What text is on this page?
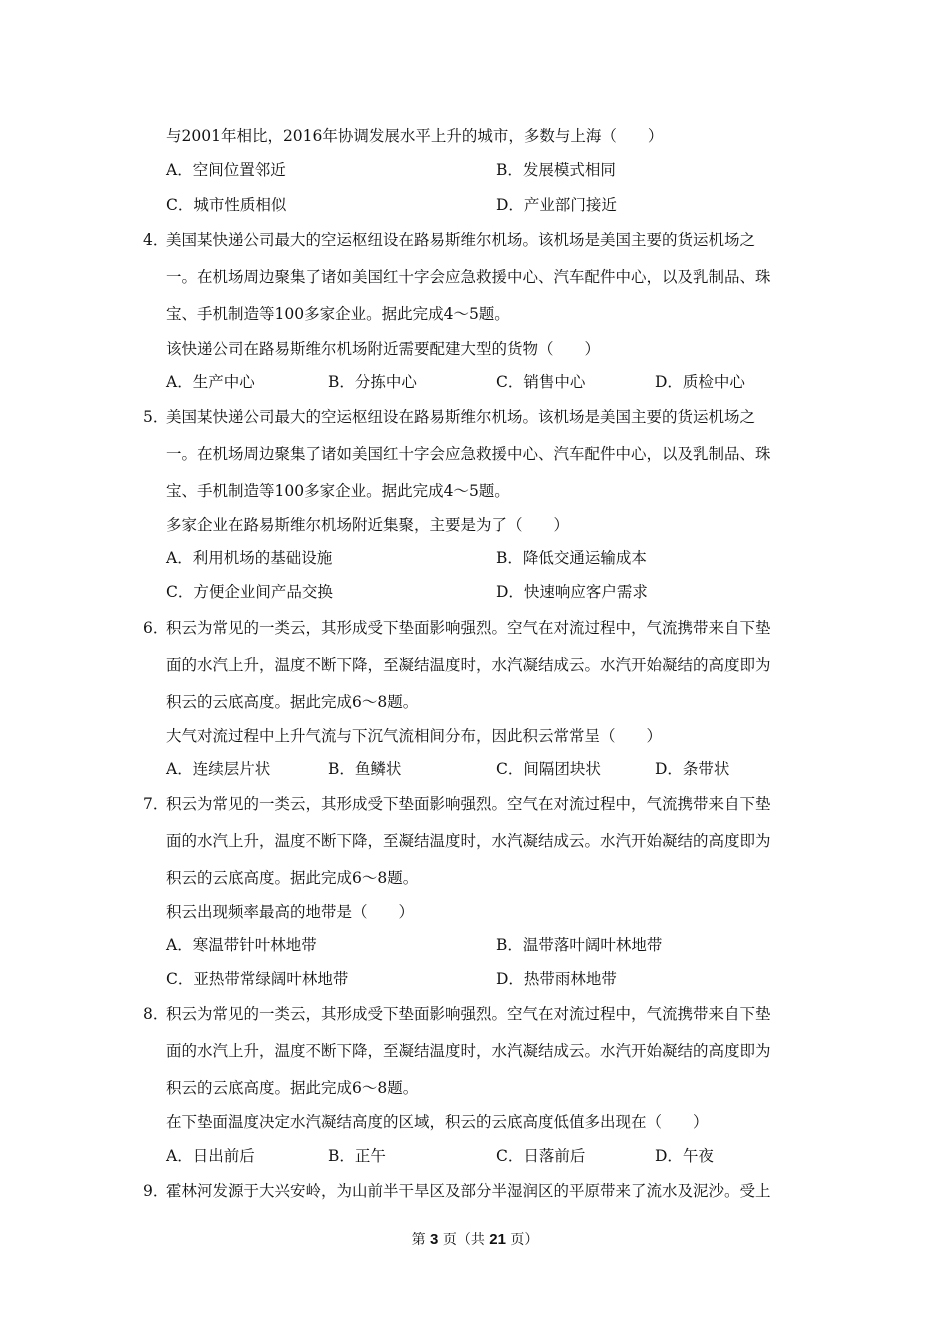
与2001年相比，2016年协调发展水平上升的城市，多数与上海（　　）
A．空间位置邻近	B．发展模式相同
C．城市性质相似	D．产业部门接近
4．
美国某快递公司最大的空运枢纽设在路易斯维尔机场。该机场是美国主要的货运机场之
一。在机场周边聚集了诸如美国红十字会应急救援中心、汽车配件中心，以及乳制品、珠
宝、手机制造等100多家企业。据此完成4～5题。
该快递公司在路易斯维尔机场附近需要配建大型的货物（　　）
A．生产中心	B．分拣中心	C．销售中心	D．质检中心
5．
美国某快递公司最大的空运枢纽设在路易斯维尔机场。该机场是美国主要的货运机场之
一。在机场周边聚集了诸如美国红十字会应急救援中心、汽车配件中心，以及乳制品、珠
宝、手机制造等100多家企业。据此完成4～5题。
多家企业在路易斯维尔机场附近集聚，主要是为了（　　）
A．利用机场的基础设施	B．降低交通运输成本
C．方便企业间产品交换	D．快速响应客户需求
6．
积云为常见的一类云，其形成受下垫面影响强烈。空气在对流过程中，气流携带来自下垫
面的水汽上升，温度不断下降，至凝结温度时，水汽凝结成云。水汽开始凝结的高度即为
积云的云底高度。据此完成6～8题。
大气对流过程中上升气流与下沉气流相间分布，因此积云常常呈（　　）
A．连续层片状	B．鱼鳞状	C．间隔团块状	D．条带状
7．
积云为常见的一类云，其形成受下垫面影响强烈。空气在对流过程中，气流携带来自下垫
面的水汽上升，温度不断下降，至凝结温度时，水汽凝结成云。水汽开始凝结的高度即为
积云的云底高度。据此完成6～8题。
积云出现频率最高的地带是（　　）
A．寒温带针叶林地带	B．温带落叶阔叶林地带
C．亚热带常绿阔叶林地带	D．热带雨林地带
8．
积云为常见的一类云，其形成受下垫面影响强烈。空气在对流过程中，气流携带来自下垫
面的水汽上升，温度不断下降，至凝结温度时，水汽凝结成云。水汽开始凝结的高度即为
积云的云底高度。据此完成6～8题。
在下垫面温度决定水汽凝结高度的区域，积云的云底高度低值多出现在（　　）
A．日出前后	B．正午	C．日落前后	D．午夜
9．
霍林河发源于大兴安岭，为山前半干旱区及部分半湿润区的平原带来了流水及泥沙。受上
第 3 页（共 21 页）
